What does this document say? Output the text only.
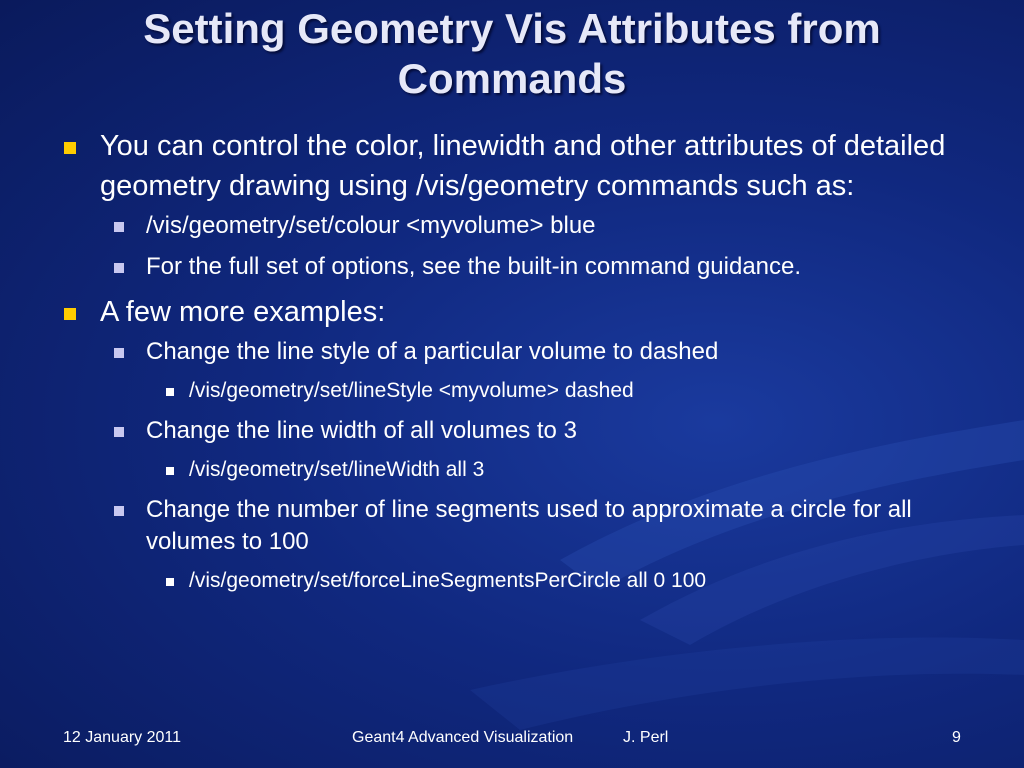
Setting Geometry Vis Attributes from Commands
You can control the color, linewidth and other attributes of detailed geometry drawing using /vis/geometry commands such as:
/vis/geometry/set/colour <myvolume> blue
For the full set of options, see the built-in command guidance.
A few more examples:
Change the line style of a particular volume to dashed
/vis/geometry/set/lineStyle <myvolume> dashed
Change the line width of all volumes to 3
/vis/geometry/set/lineWidth all 3
Change the number of line segments used to approximate a circle for all volumes to 100
/vis/geometry/set/forceLineSegmentsPerCircle all 0 100
12 January 2011	Geant4 Advanced Visualization	J. Perl	9
